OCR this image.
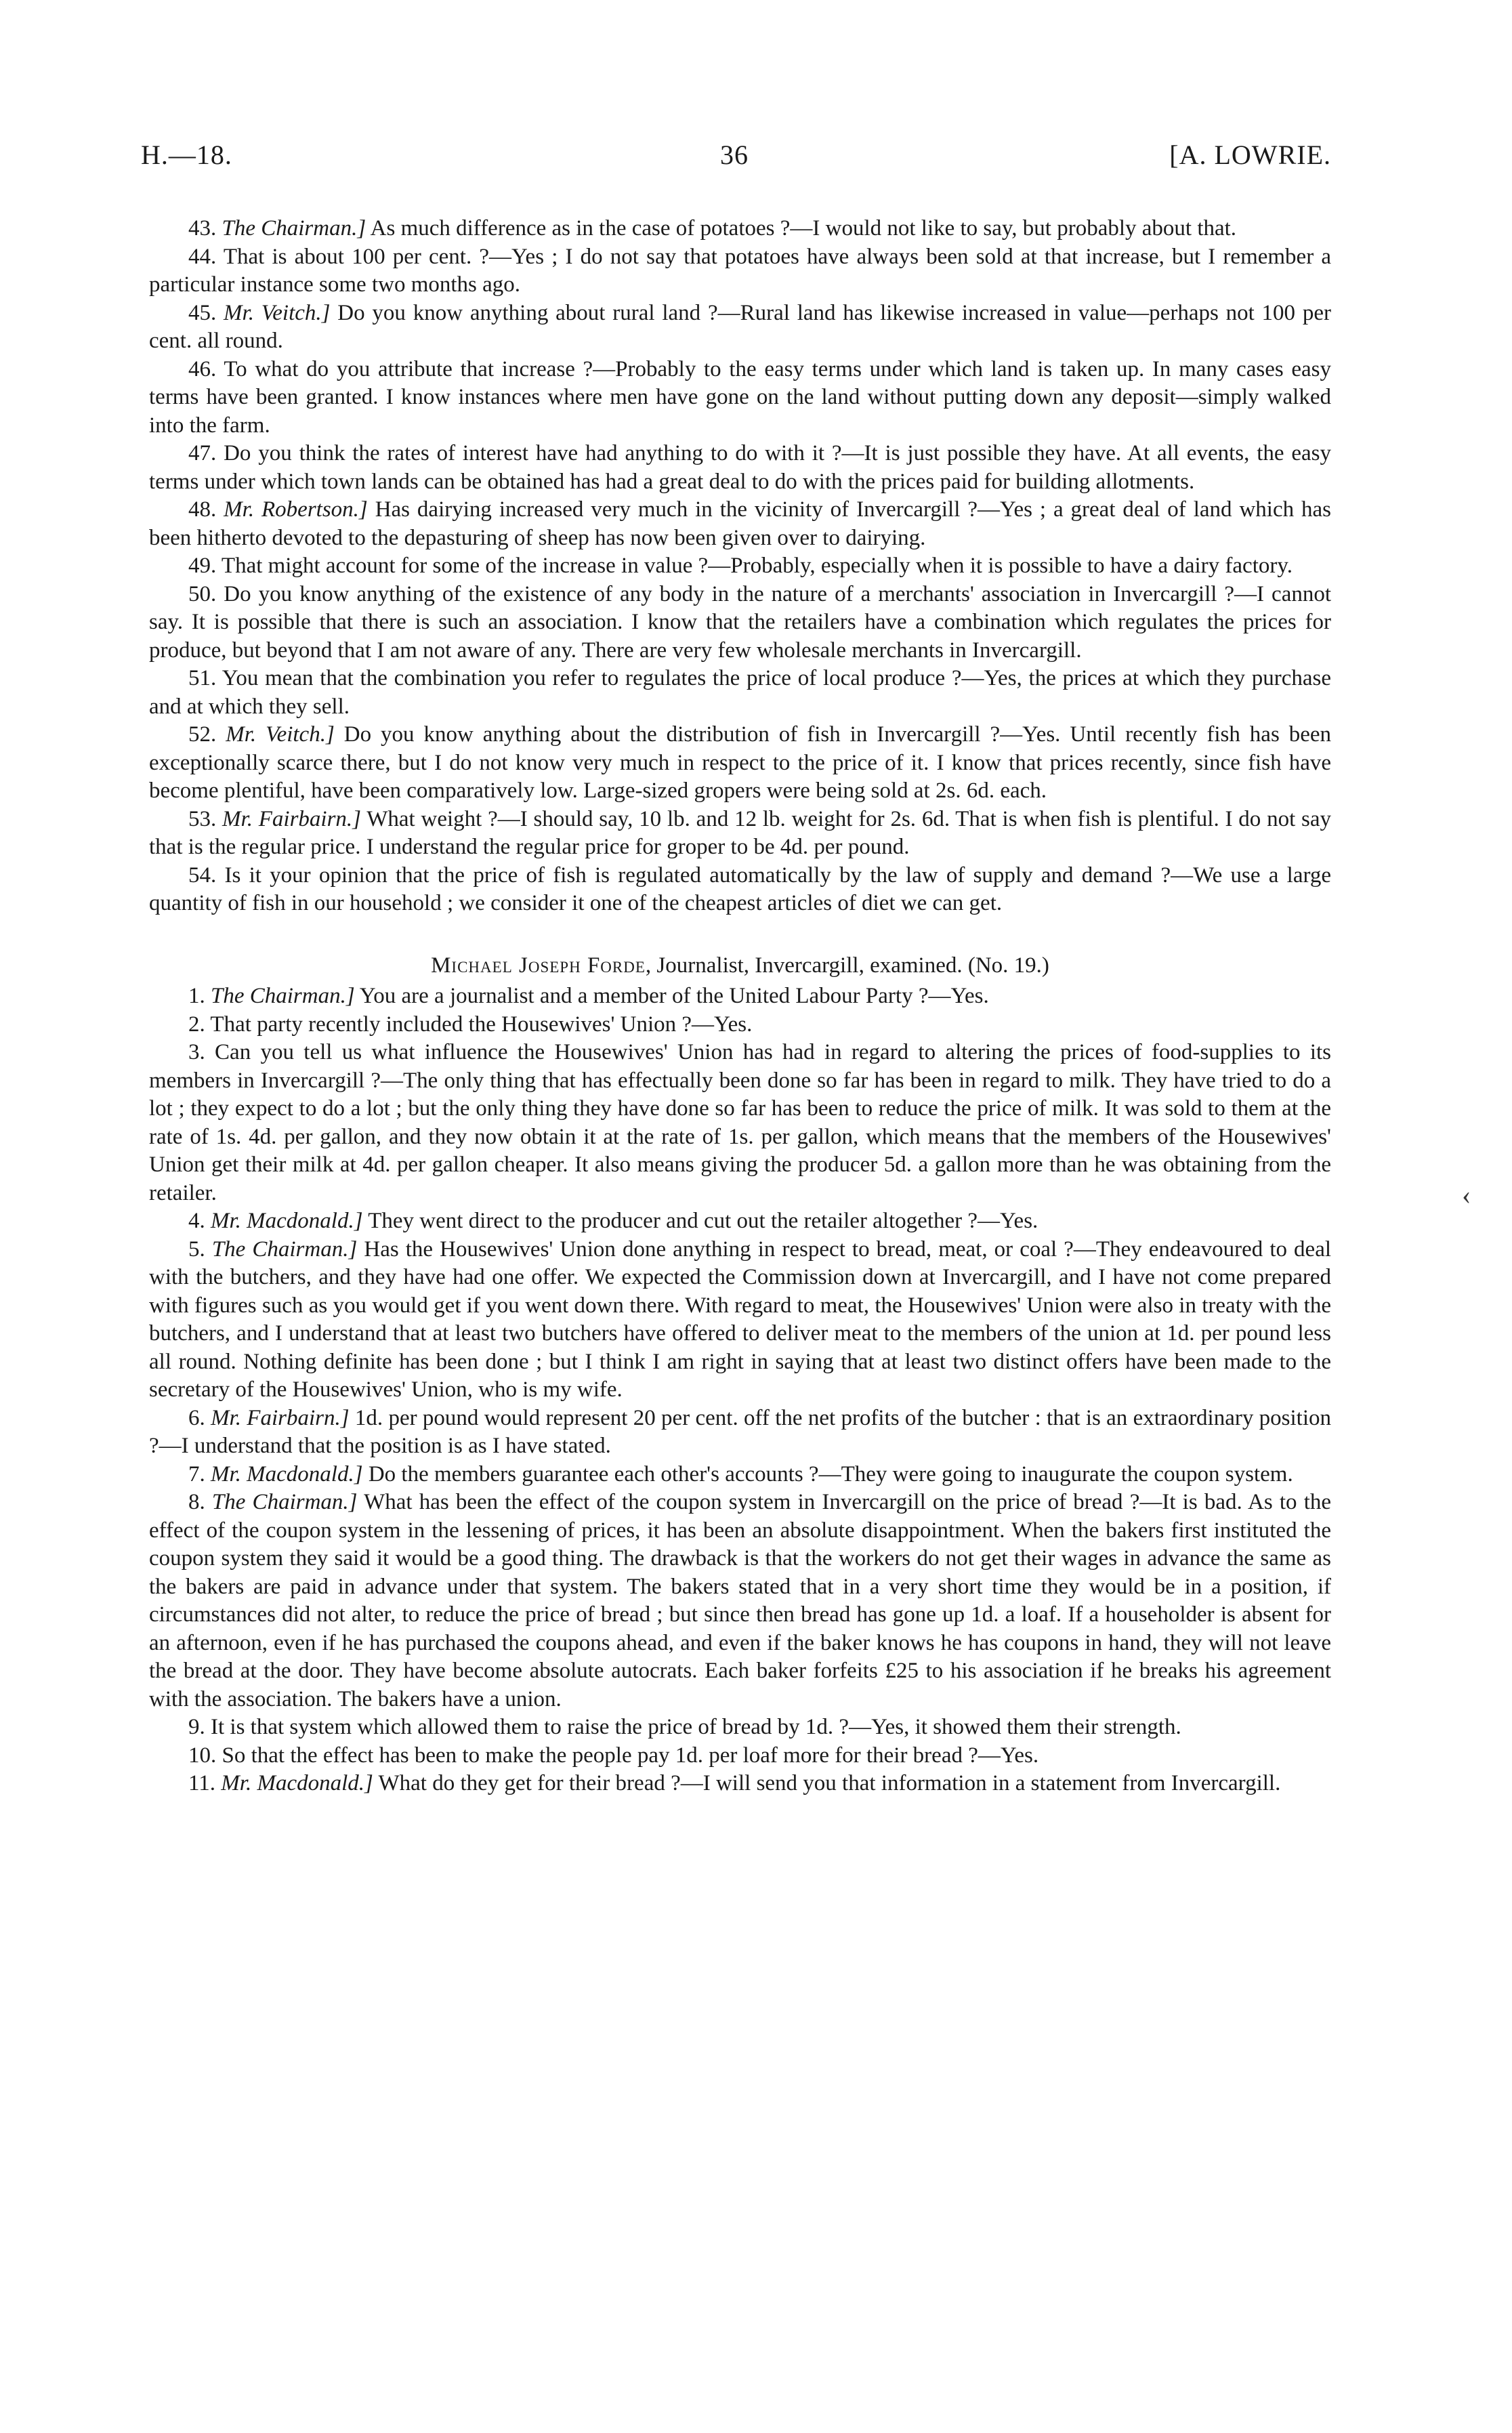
H.—18.	36	[A. LOWRIE.

43. The Chairman.] As much difference as in the case of potatoes ?—I would not like to say, but probably about that.

44. That is about 100 per cent. ?—Yes ; I do not say that potatoes have always been sold at that increase, but I remember a particular instance some two months ago.

45. Mr. Veitch.] Do you know anything about rural land ?—Rural land has likewise increased in value—perhaps not 100 per cent. all round.

46. To what do you attribute that increase ?—Probably to the easy terms under which land is taken up. In many cases easy terms have been granted. I know instances where men have gone on the land without putting down any deposit—simply walked into the farm.

47. Do you think the rates of interest have had anything to do with it ?—It is just possible they have. At all events, the easy terms under which town lands can be obtained has had a great deal to do with the prices paid for building allotments.

48. Mr. Robertson.] Has dairying increased very much in the vicinity of Invercargill ?—Yes ; a great deal of land which has been hitherto devoted to the depasturing of sheep has now been given over to dairying.

49. That might account for some of the increase in value ?—Probably, especially when it is possible to have a dairy factory.

50. Do you know anything of the existence of any body in the nature of a merchants' association in Invercargill ?—I cannot say. It is possible that there is such an association. I know that the retailers have a combination which regulates the prices for produce, but beyond that I am not aware of any. There are very few wholesale merchants in Invercargill.

51. You mean that the combination you refer to regulates the price of local produce ?—Yes, the prices at which they purchase and at which they sell.

52. Mr. Veitch.] Do you know anything about the distribution of fish in Invercargill ?—Yes. Until recently fish has been exceptionally scarce there, but I do not know very much in respect to the price of it. I know that prices recently, since fish have become plentiful, have been comparatively low. Large-sized gropers were being sold at 2s. 6d. each.

53. Mr. Fairbairn.] What weight ?—I should say, 10 lb. and 12 lb. weight for 2s. 6d. That is when fish is plentiful. I do not say that is the regular price. I understand the regular price for groper to be 4d. per pound.

54. Is it your opinion that the price of fish is regulated automatically by the law of supply and demand ?—We use a large quantity of fish in our household ; we consider it one of the cheapest articles of diet we can get.

Michael Joseph Forde, Journalist, Invercargill, examined. (No. 19.)

1. The Chairman.] You are a journalist and a member of the United Labour Party ?—Yes.

2. That party recently included the Housewives' Union ?—Yes.

3. Can you tell us what influence the Housewives' Union has had in regard to altering the prices of food-supplies to its members in Invercargill ?—The only thing that has effectually been done so far has been in regard to milk. They have tried to do a lot ; they expect to do a lot ; but the only thing they have done so far has been to reduce the price of milk. It was sold to them at the rate of 1s. 4d. per gallon, and they now obtain it at the rate of 1s. per gallon, which means that the members of the Housewives' Union get their milk at 4d. per gallon cheaper. It also means giving the producer 5d. a gallon more than he was obtaining from the retailer.

4. Mr. Macdonald.] They went direct to the producer and cut out the retailer altogether ?—Yes.

5. The Chairman.] Has the Housewives' Union done anything in respect to bread, meat, or coal ?—They endeavoured to deal with the butchers, and they have had one offer. We expected the Commission down at Invercargill, and I have not come prepared with figures such as you would get if you went down there. With regard to meat, the Housewives' Union were also in treaty with the butchers, and I understand that at least two butchers have offered to deliver meat to the members of the union at 1d. per pound less all round. Nothing definite has been done ; but I think I am right in saying that at least two distinct offers have been made to the secretary of the Housewives' Union, who is my wife.

6. Mr. Fairbairn.] 1d. per pound would represent 20 per cent. off the net profits of the butcher : that is an extraordinary position ?—I understand that the position is as I have stated.

7. Mr. Macdonald.] Do the members guarantee each other's accounts ?—They were going to inaugurate the coupon system.

8. The Chairman.] What has been the effect of the coupon system in Invercargill on the price of bread ?—It is bad. As to the effect of the coupon system in the lessening of prices, it has been an absolute disappointment. When the bakers first instituted the coupon system they said it would be a good thing. The drawback is that the workers do not get their wages in advance the same as the bakers are paid in advance under that system. The bakers stated that in a very short time they would be in a position, if circumstances did not alter, to reduce the price of bread ; but since then bread has gone up 1d. a loaf. If a householder is absent for an afternoon, even if he has purchased the coupons ahead, and even if the baker knows he has coupons in hand, they will not leave the bread at the door. They have become absolute autocrats. Each baker forfeits £25 to his association if he breaks his agreement with the association. The bakers have a union.

9. It is that system which allowed them to raise the price of bread by 1d. ?—Yes, it showed them their strength.

10. So that the effect has been to make the people pay 1d. per loaf more for their bread ?—Yes.

11. Mr. Macdonald.] What do they get for their bread ?—I will send you that information in a statement from Invercargill.

‹
